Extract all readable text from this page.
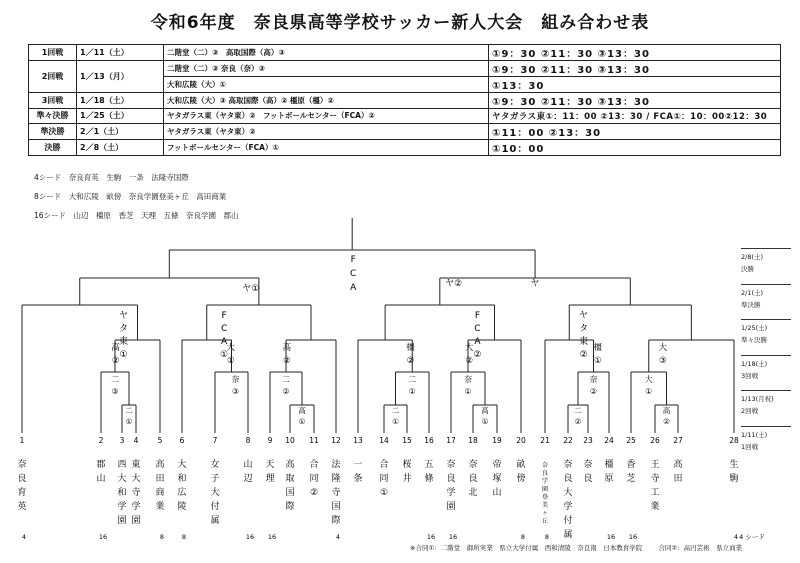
令和6年度　奈良県高等学校サッカー新人大会　組み合わせ表
1回戦	1／11（土）	二階堂（二）③　高取国際（高）③	①9：30 ②11：30 ③13：30
2回戦	1／13（月）	二階堂（二）③ 奈良（奈）③	①9：30 ②11：30 ③13：30
		大和広陵（大）①	①13：30
3回戦	1／18（土）	大和広陵（大）③ 高取国際（高）② 橿原（橿）②	①9：30 ②11：30 ③13：30
準々決勝	1／25（土）	ヤタガラス東（ヤタ東）②　フットボールセンター（FCA）②	ヤタガラス東①：11：00 ②13：30 / FCA①：10：00②12：30
準決勝	2／1（土）	ヤタガラス東（ヤタ東）②	①11：00 ②13：30
決勝	2／8（土）	フットボールセンター（FCA）①	①10：00
4シード　奈良育英　生駒　一条　法隆寺国際
8シード　大和広陵　畝傍　奈良学園登美ヶ丘　高田商業
16シード　山辺　橿原　香芝　天理　五條　奈良学園　郡山
F C A
ヤ①	ヤ②	ヤ
ヤタ東 ①
F C A ①
F C A ②
ヤタ東 ②
高 ②
大 ①
高 ②
橿 ②
大 ②
橿 ①
大 ③
二 ③
奈 ③
二 ②
二 ①
奈 ①
奈 ②
大 ①
二 ①
高 ①
二 ①
高 ①
二 ②
高 ②
1
奈良育英
4
2
郡山
16
3
西大和学園
4
東大寺学園
5
高田商業
8
6
大和広陵
8
7
女子大付属
8
山辺
16
9
天理
16
10
高取国際
11
合同 ②
12
法隆寺国際
4
13
一条
14
合同 ①
15
桜井
16
五條
16
17
奈良学園
16
18
奈良北
19
帝塚山
20
畝傍
8
21
奈良学園登美ヶ丘
8
22
奈良大学付属
23
奈良
24
橿原
16
25
香芝
16
26
王寺工業
27
高田
28
生駒
4 4 シード
2/8(土)
決勝
2/1(土)
準決勝
1/25(土)
準々決勝
1/18(土)
3回戦
1/13(月祝)
2回戦
1/11(土)
1回戦
※合同①：二階堂　御所実業　県立大学付属　西和清陵　奈良南　日本教育学院 合同②：高円芸術　県立商業
